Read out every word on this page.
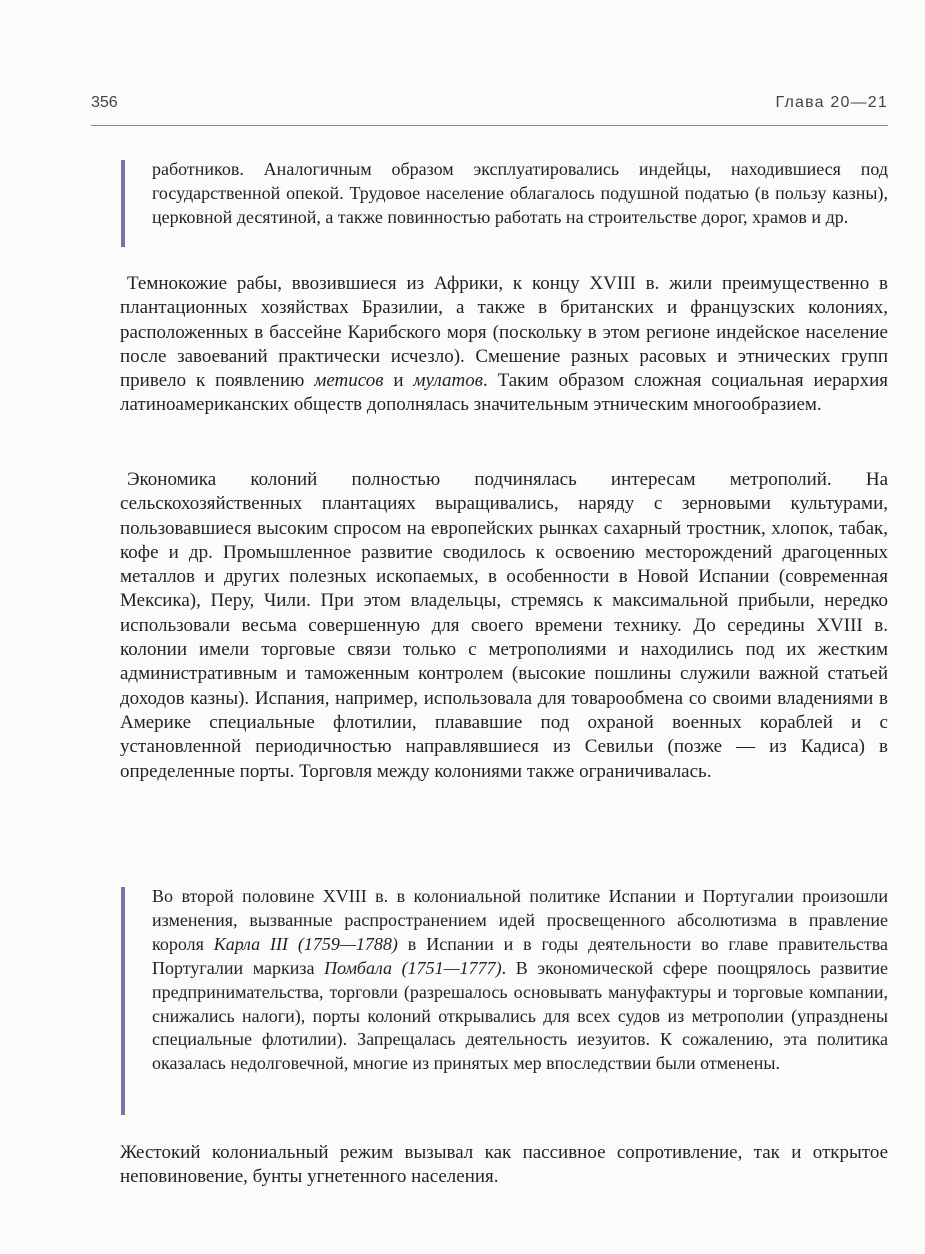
356	Глава 20—21

работников. Аналогичным образом эксплуатировались индейцы, находившиеся под государственной опекой. Трудовое население облагалось подушной податью (в пользу казны), церковной десятиной, а также повинностью работать на строительстве дорог, храмов и др.

Темнокожие рабы, ввозившиеся из Африки, к концу XVIII в. жили преимущественно в плантационных хозяйствах Бразилии, а также в британских и французских колониях, расположенных в бассейне Карибского моря (поскольку в этом регионе индейское население после завоеваний практически исчезло). Смешение разных расовых и этнических групп привело к появлению метисов и мулатов. Таким образом сложная социальная иерархия латиноамериканских обществ дополнялась значительным этническим многообразием.

Экономика колоний полностью подчинялась интересам метрополий. На сельскохозяйственных плантациях выращивались, наряду с зерновыми культурами, пользовавшиеся высоким спросом на европейских рынках сахарный тростник, хлопок, табак, кофе и др. Промышленное развитие сводилось к освоению месторождений драгоценных металлов и других полезных ископаемых, в особенности в Новой Испании (современная Мексика), Перу, Чили. При этом владельцы, стремясь к максимальной прибыли, нередко использовали весьма совершенную для своего времени технику. До середины XVIII в. колонии имели торговые связи только с метрополиями и находились под их жестким административным и таможенным контролем (высокие пошлины служили важной статьей доходов казны). Испания, например, использовала для товарообмена со своими владениями в Америке специальные флотилии, плававшие под охраной военных кораблей и с установленной периодичностью направлявшиеся из Севильи (позже — из Кадиса) в определенные порты. Торговля между колониями также ограничивалась.

Во второй половине XVIII в. в колониальной политике Испании и Португалии произошли изменения, вызванные распространением идей просвещенного абсолютизма в правление короля Карла III (1759—1788) в Испании и в годы деятельности во главе правительства Португалии маркиза Помбала (1751—1777). В экономической сфере поощрялось развитие предпринимательства, торговли (разрешалось основывать мануфактуры и торговые компании, снижались налоги), порты колоний открывались для всех судов из метрополии (упразднены специальные флотилии). Запрещалась деятельность иезуитов. К сожалению, эта политика оказалась недолговечной, многие из принятых мер впоследствии были отменены.

Жестокий колониальный режим вызывал как пассивное сопротивление, так и открытое неповиновение, бунты угнетенного населения.
